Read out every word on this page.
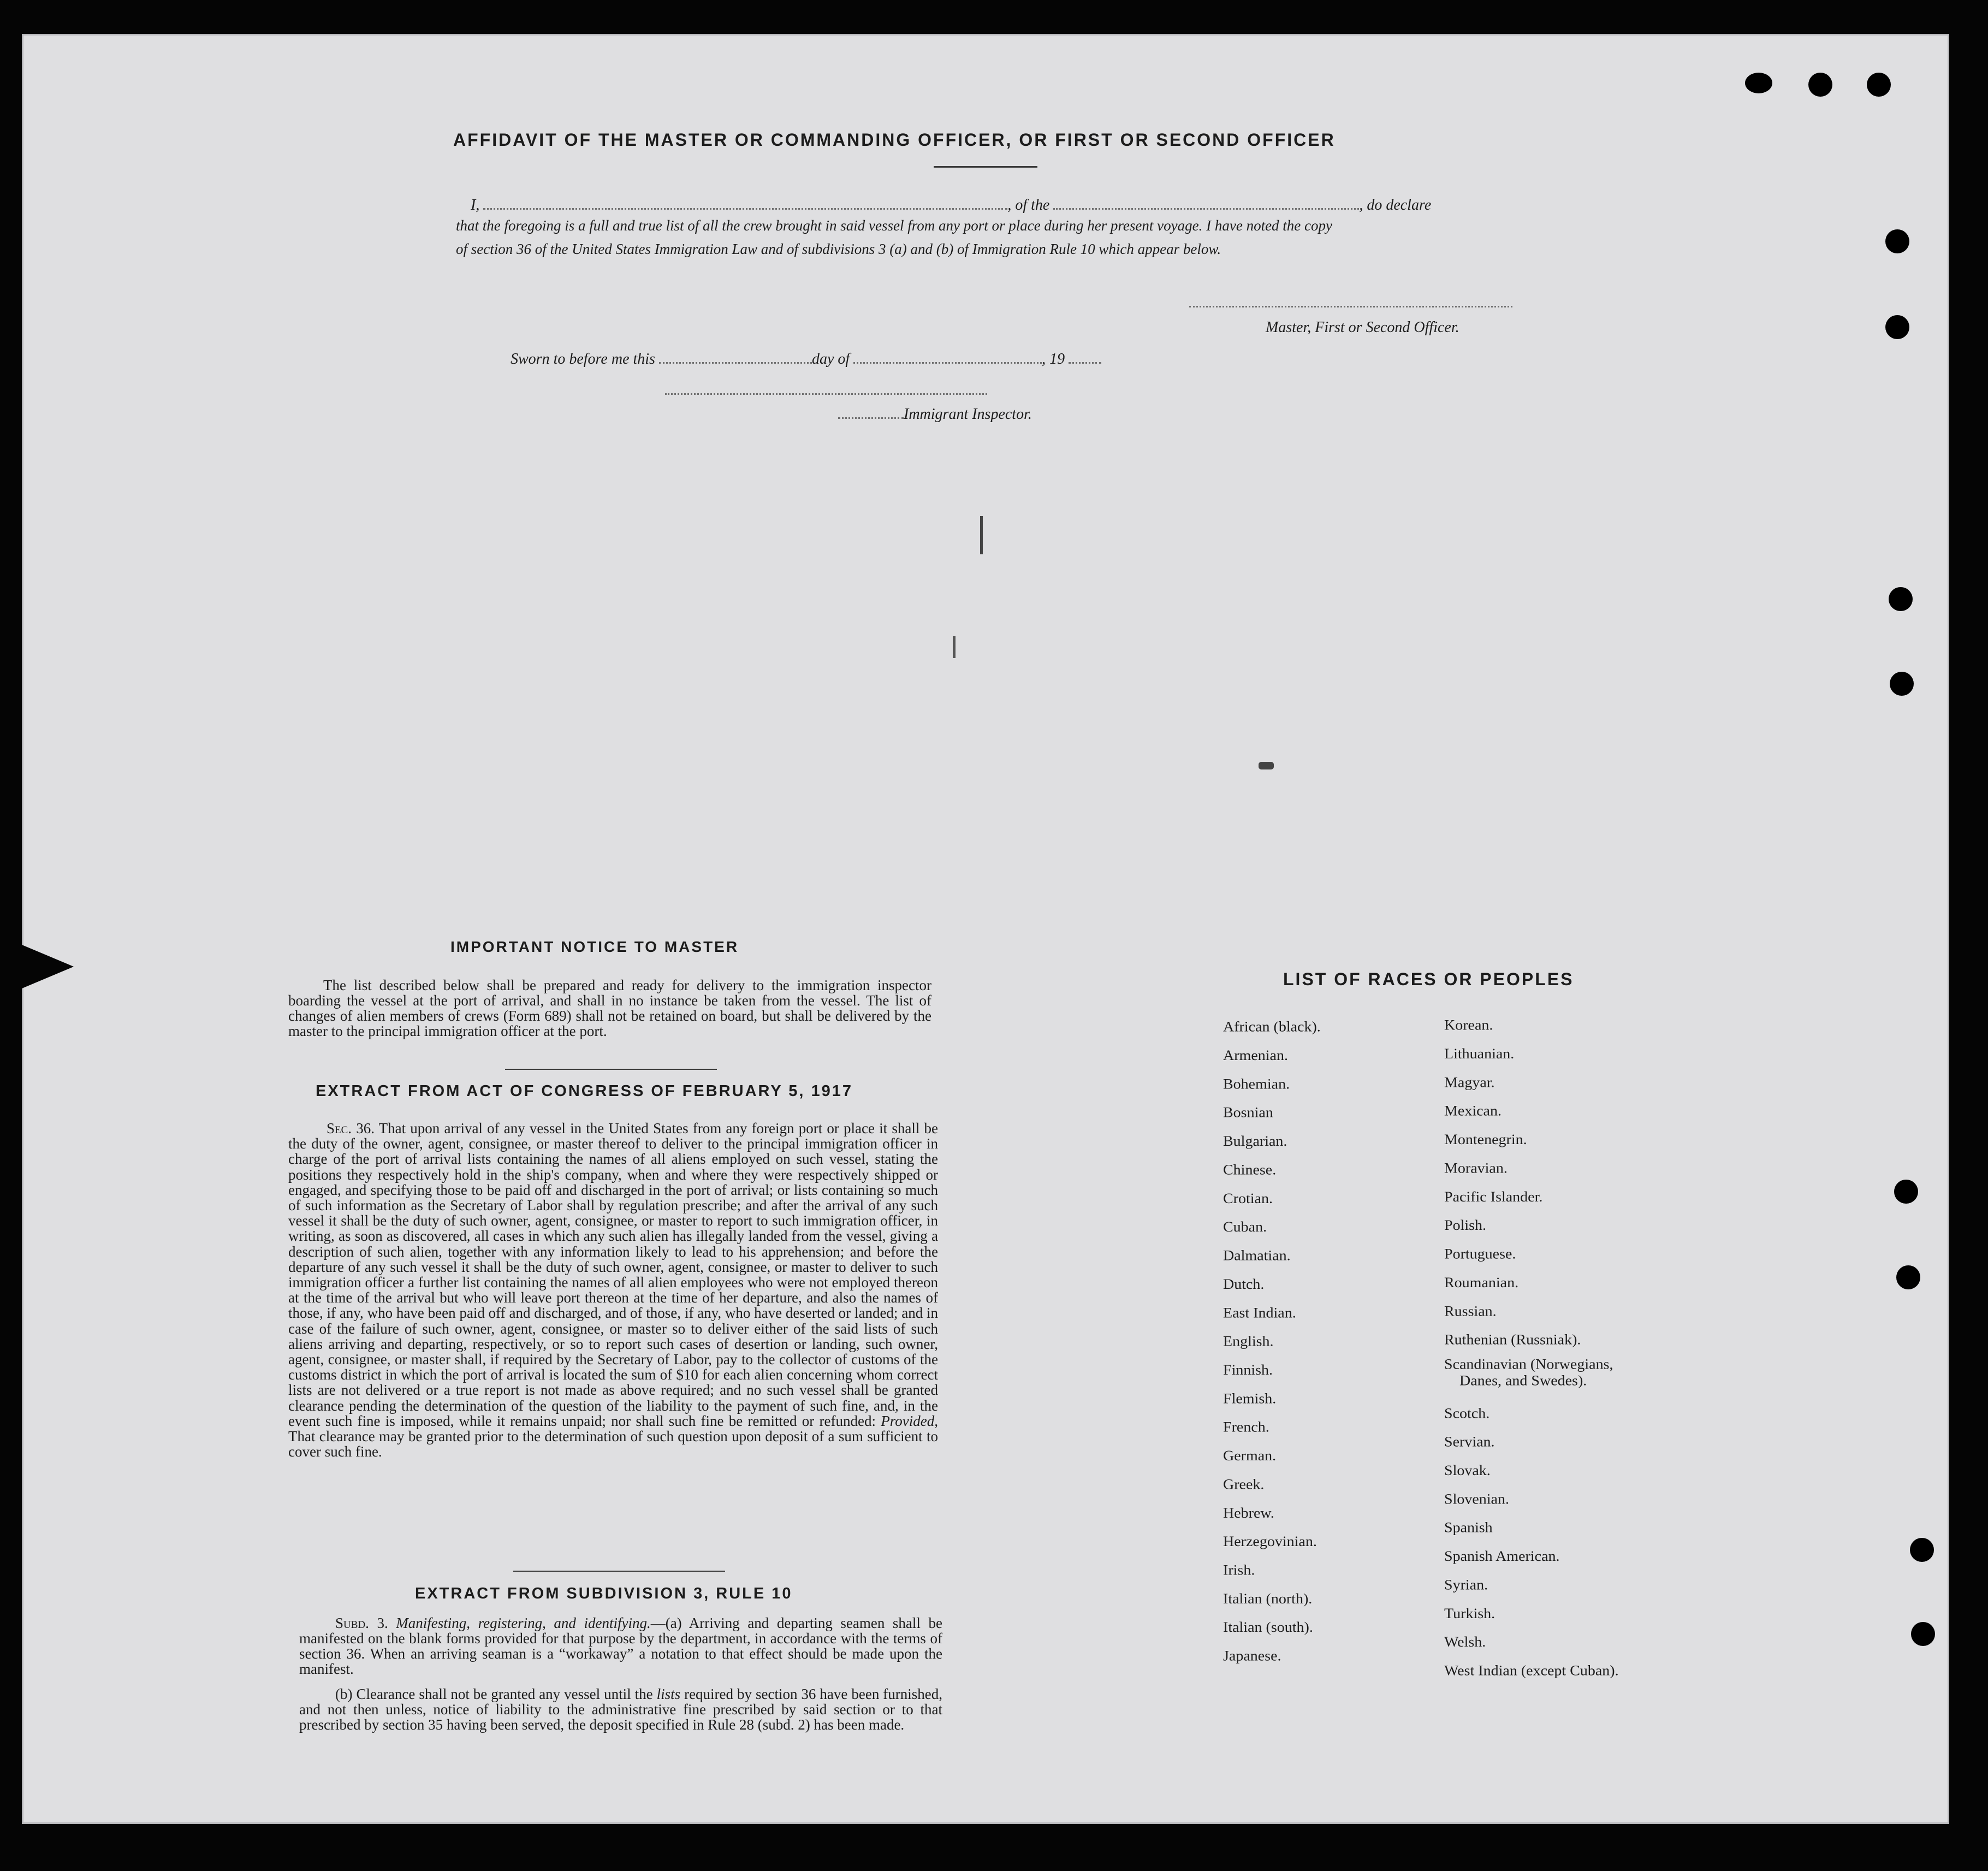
AFFIDAVIT OF THE MASTER OR COMMANDING OFFICER, OR FIRST OR SECOND OFFICER
I,	, of the	, do declare
that the foregoing is a full and true list of all the crew brought in said vessel from any port or place during her present voyage. I have noted the copy
of section 36 of the United States Immigration Law and of subdivisions 3 (a) and (b) of Immigration Rule 10 which appear below.
Master, First or Second Officer.
Sworn to before me this	day of	, 19
Immigrant Inspector.
IMPORTANT NOTICE TO MASTER
The list described below shall be prepared and ready for delivery to the immigration inspector boarding the vessel at the port of arrival, and shall in no instance be taken from the vessel. The list of changes of alien members of crews (Form 689) shall not be retained on board, but shall be delivered by the master to the principal immigration officer at the port.
EXTRACT FROM ACT OF CONGRESS OF FEBRUARY 5, 1917
Sec. 36. That upon arrival of any vessel in the United States from any foreign port or place it shall be the duty of the owner, agent, consignee, or master thereof to deliver to the principal immigration officer in charge of the port of arrival lists containing the names of all aliens employed on such vessel, stating the positions they respectively hold in the ship's company, when and where they were respectively shipped or engaged, and specifying those to be paid off and discharged in the port of arrival; or lists containing so much of such information as the Secretary of Labor shall by regulation prescribe; and after the arrival of any such vessel it shall be the duty of such owner, agent, consignee, or master to report to such immigration officer, in writing, as soon as discovered, all cases in which any such alien has illegally landed from the vessel, giving a description of such alien, together with any information likely to lead to his apprehension; and before the departure of any such vessel it shall be the duty of such owner, agent, consignee, or master to deliver to such immigration officer a further list containing the names of all alien employees who were not employed thereon at the time of the arrival but who will leave port thereon at the time of her departure, and also the names of those, if any, who have been paid off and discharged, and of those, if any, who have deserted or landed; and in case of the failure of such owner, agent, consignee, or master so to deliver either of the said lists of such aliens arriving and departing, respectively, or so to report such cases of desertion or landing, such owner, agent, consignee, or master shall, if required by the Secretary of Labor, pay to the collector of customs of the customs district in which the port of arrival is located the sum of $10 for each alien concerning whom correct lists are not delivered or a true report is not made as above required; and no such vessel shall be granted clearance pending the determination of the question of the liability to the payment of such fine, and, in the event such fine is imposed, while it remains unpaid; nor shall such fine be remitted or refunded: Provided, That clearance may be granted prior to the determination of such question upon deposit of a sum sufficient to cover such fine.
EXTRACT FROM SUBDIVISION 3, RULE 10
Subd. 3. Manifesting, registering, and identifying.—(a) Arriving and departing seamen shall be manifested on the blank forms provided for that purpose by the department, in accordance with the terms of section 36. When an arriving seaman is a “workaway” a notation to that effect should be made upon the manifest.
(b) Clearance shall not be granted any vessel until the lists required by section 36 have been furnished, and not then unless, notice of liability to the administrative fine prescribed by said section or to that prescribed by section 35 having been served, the deposit specified in Rule 28 (subd. 2) has been made.
LIST OF RACES OR PEOPLES
African (black).
Armenian.
Bohemian.
Bosnian
Bulgarian.
Chinese.
Crotian.
Cuban.
Dalmatian.
Dutch.
East Indian.
English.
Finnish.
Flemish.
French.
German.
Greek.
Hebrew.
Herzegovinian.
Irish.
Italian (north).
Italian (south).
Japanese.
Korean.
Lithuanian.
Magyar.
Mexican.
Montenegrin.
Moravian.
Pacific Islander.
Polish.
Portuguese.
Roumanian.
Russian.
Ruthenian (Russniak).
Scandinavian (Norwegians,
Danes, and Swedes).
Scotch.
Servian.
Slovak.
Slovenian.
Spanish
Spanish American.
Syrian.
Turkish.
Welsh.
West Indian (except Cuban).
